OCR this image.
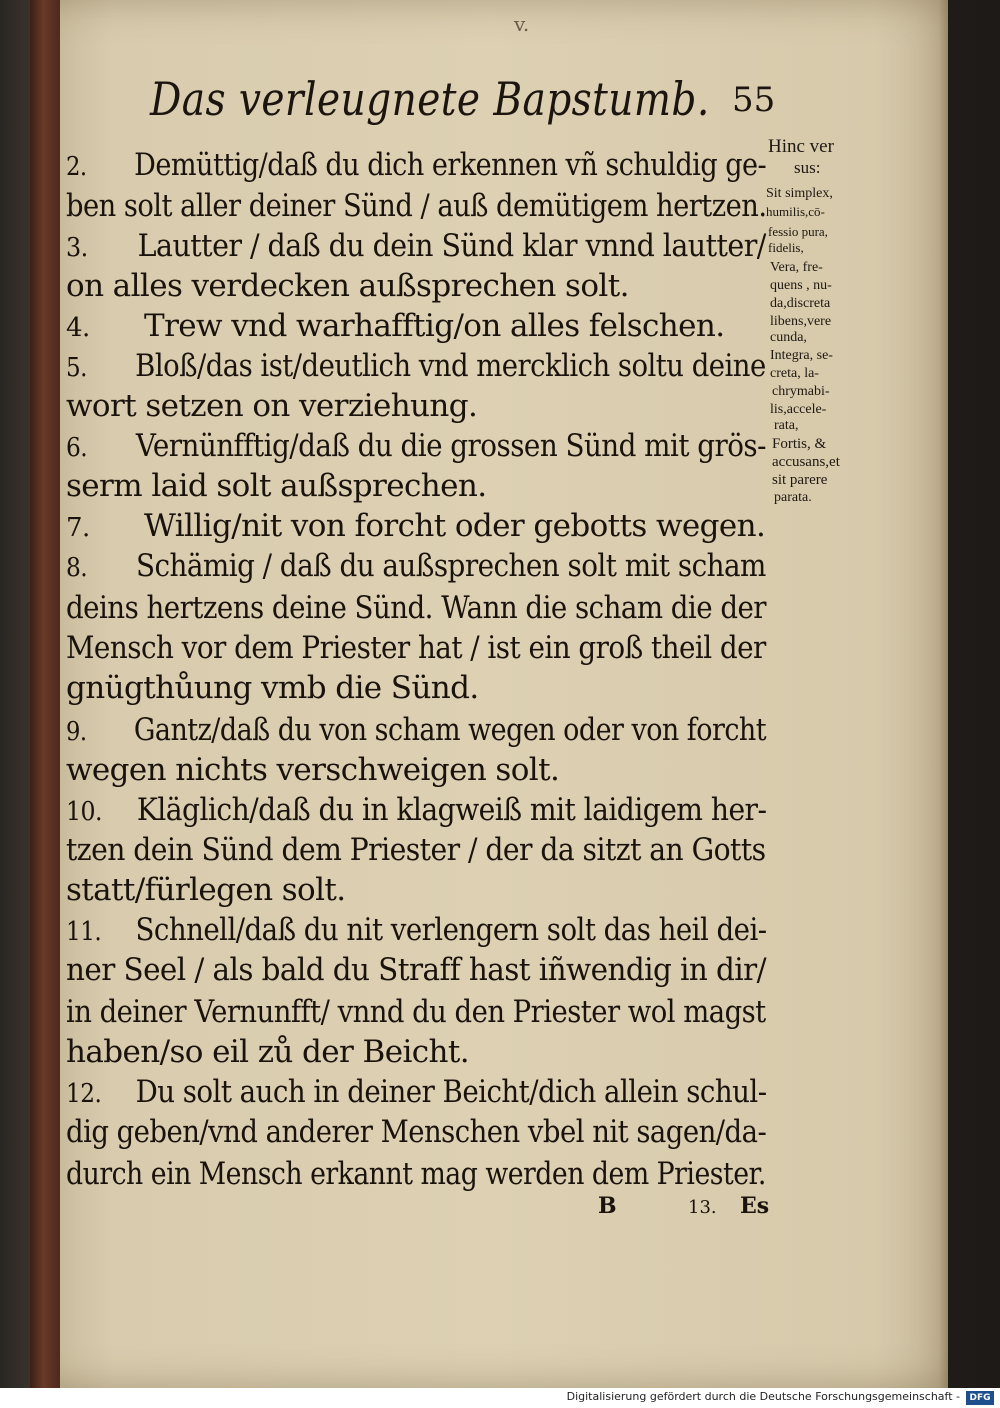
v.
Das verleugnete Bapstumb. 55
2. Demüttig/daß du dich erkennen vñ schuldig ge-
ben solt aller deiner Sünd / auß demütigem hertzen.
3. Lautter / daß du dein Sünd klar vnnd lautter/
on alles verdecken außsprechen solt.
4. Trew vnd warhafftig/on alles felschen.
5. Bloß/das ist/deutlich vnd mercklich soltu deine
wort setzen on verziehung.
6. Vernünfftig/daß du die grossen Sünd mit grös-
serm laid solt außsprechen.
7. Willig/nit von forcht oder gebotts wegen.
8. Schämig / daß du außsprechen solt mit scham
deins hertzens deine Sünd. Wann die scham die der
Mensch vor dem Priester hat / ist ein groß theil der
gnügthůung vmb die Sünd.
9. Gantz/daß du von scham wegen oder von forcht
wegen nichts verschweigen solt.
10. Kläglich/daß du in klagweiß mit laidigem her-
tzen dein Sünd dem Priester / der da sitzt an Gotts
statt/fürlegen solt.
11. Schnell/daß du nit verlengern solt das heil dei-
ner Seel / als bald du Straff hast iñwendig in dir/
in deiner Vernunfft/ vnnd du den Priester wol magst
haben/so eil zů der Beicht.
12. Du solt auch in deiner Beicht/dich allein schul-
dig geben/vnd anderer Menschen vbel nit sagen/da-
durch ein Mensch erkannt mag werden dem Priester.
Hinc ver
sus:
Sit simplex,
humilis,cō-
fessio pura,
fidelis,
Vera, fre-
quens , nu-
da,discreta
libens,vere
cunda,
Integra, se-
creta, la-
chrymabi-
lis,accele-
rata,
Fortis, &
accusans,et
sit parere
parata.
B	13. Es
Digitalisierung gefördert durch die Deutsche Forschungsgemeinschaft -	DFG
